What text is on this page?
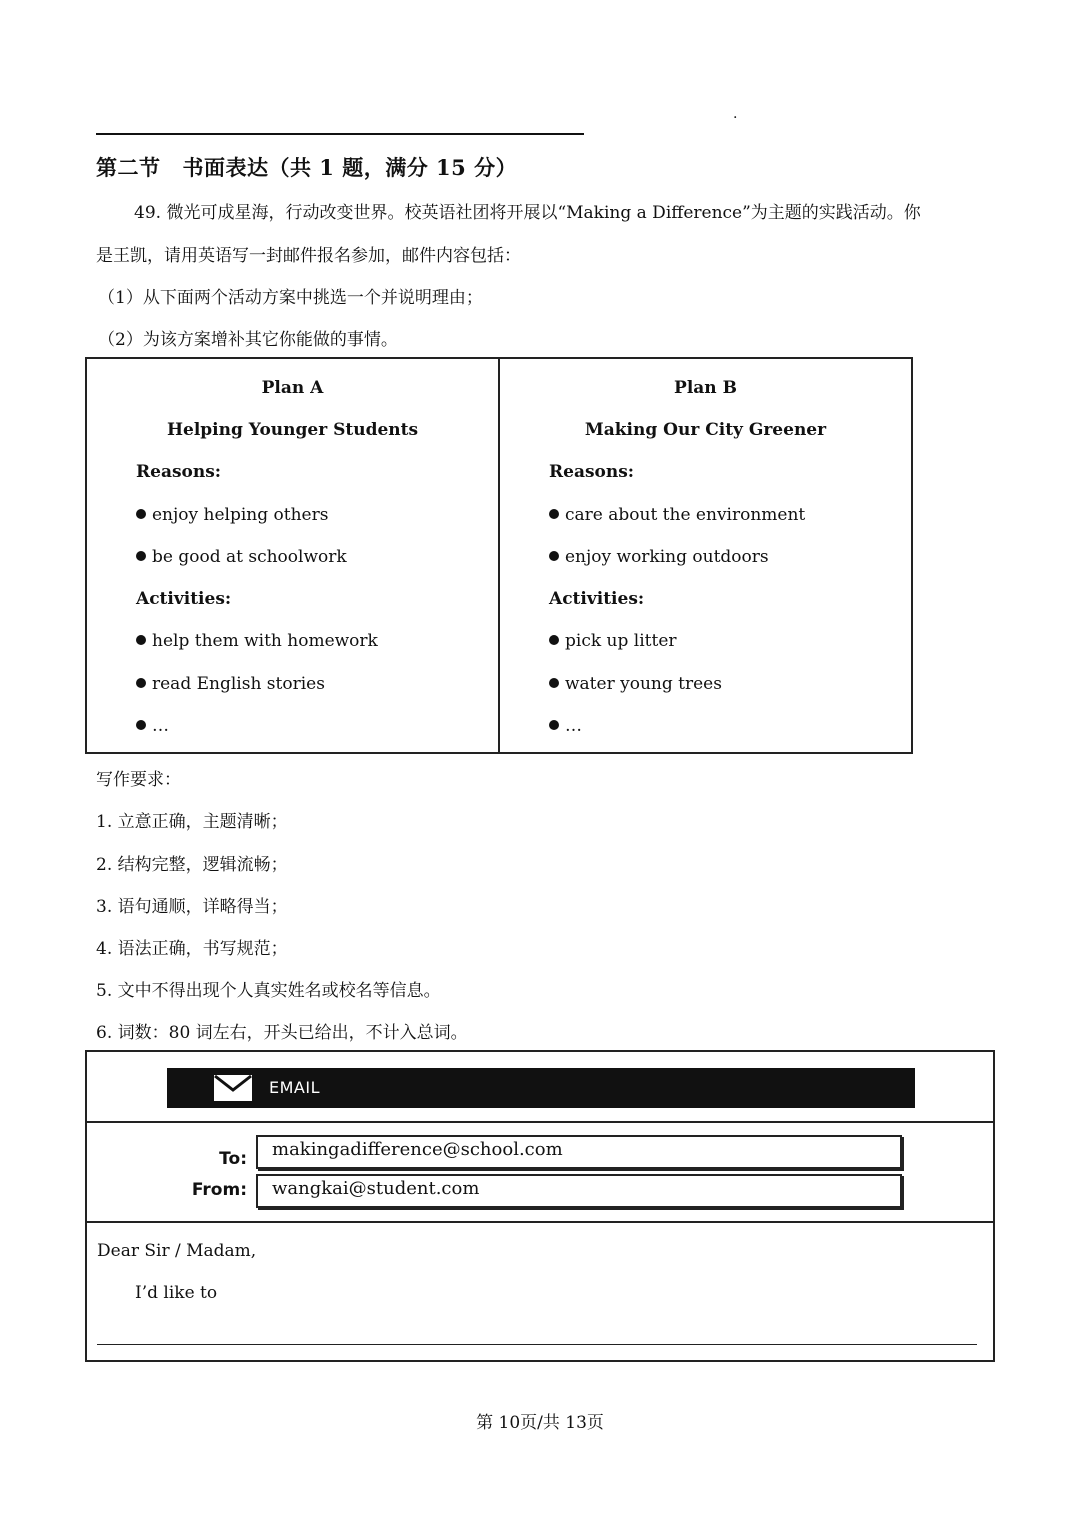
.
第二节 书面表达（共 1 题，满分 15 分）
49. 微光可成星海，行动改变世界。校英语社团将开展以“Making a Difference”为主题的实践活动。你
是王凯，请用英语写一封邮件报名参加，邮件内容包括：
（1）从下面两个活动方案中挑选一个并说明理由；
（2）为该方案增补其它你能做的事情。
Plan A
Helping Younger Students
Reasons:
enjoy helping others
be good at schoolwork
Activities:
help them with homework
read English stories
…
Plan B
Making Our City Greener
Reasons:
care about the environment
enjoy working outdoors
Activities:
pick up litter
water young trees
…
写作要求：
1. 立意正确，主题清晰；
2. 结构完整，逻辑流畅；
3. 语句通顺，详略得当；
4. 语法正确，书写规范；
5. 文中不得出现个人真实姓名或校名等信息。
6. 词数：80 词左右，开头已给出，不计入总词。
EMAIL
To:	makingadifference@school.com
From:	wangkai@student.com
Dear Sir / Madam,
I’d like to
第 10页/共 13页
